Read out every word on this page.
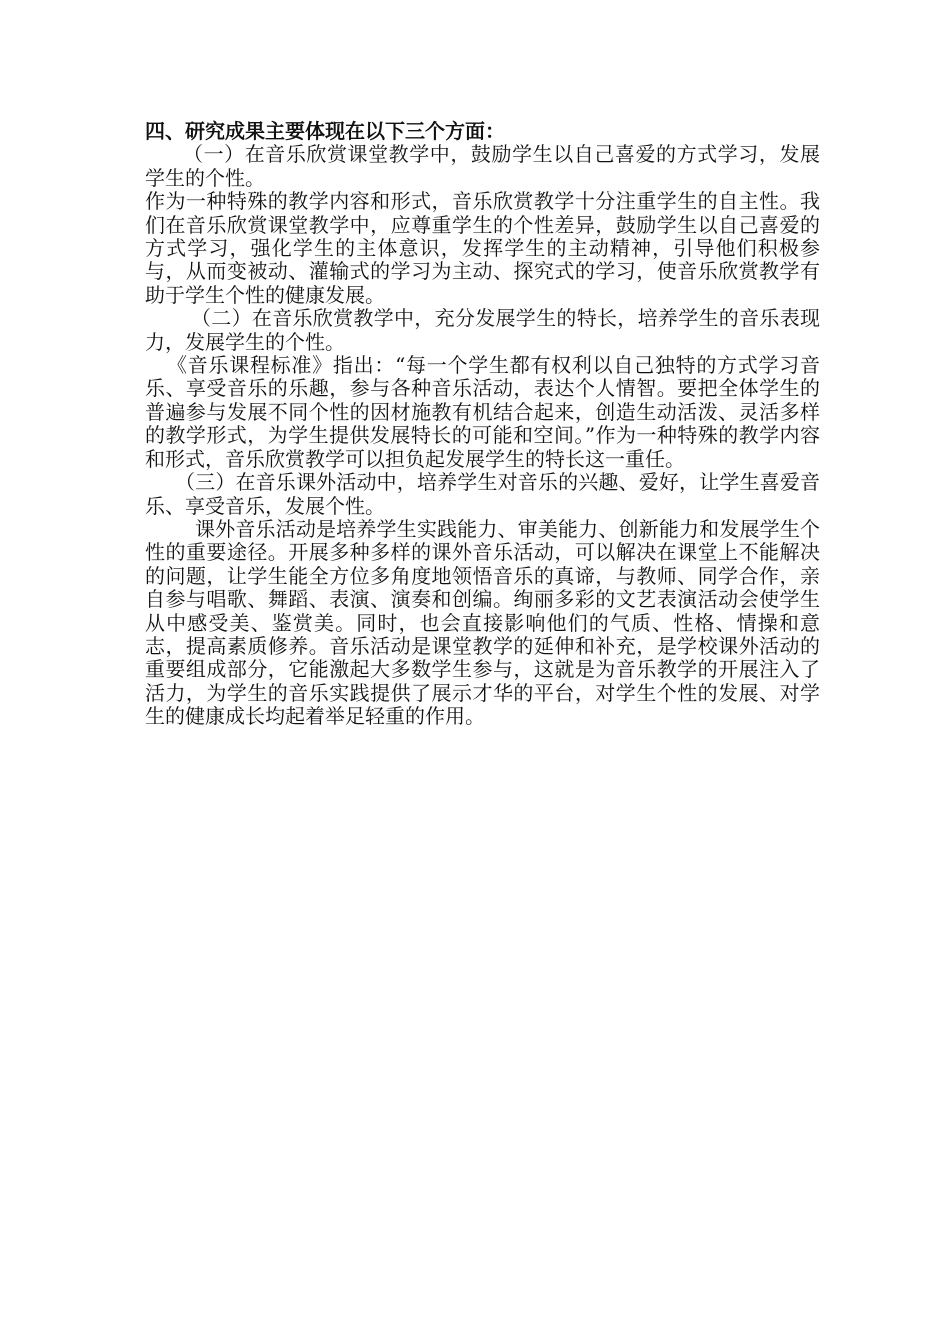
四、研究成果主要体现在以下三个方面：

（一）在音乐欣赏课堂教学中，鼓励学生以自己喜爱的方式学习，发展学生的个性。

作为一种特殊的教学内容和形式，音乐欣赏教学十分注重学生的自主性。我们在音乐欣赏课堂教学中，应尊重学生的个性差异，鼓励学生以自己喜爱的方式学习，强化学生的主体意识，发挥学生的主动精神，引导他们积极参与，从而变被动、灌输式的学习为主动、探究式的学习，使音乐欣赏教学有助于学生个性的健康发展。

（二）在音乐欣赏教学中，充分发展学生的特长，培养学生的音乐表现力，发展学生的个性。

《音乐课程标准》指出：“每一个学生都有权利以自己独特的方式学习音乐、享受音乐的乐趣，参与各种音乐活动，表达个人情智。要把全体学生的普遍参与发展不同个性的因材施教有机结合起来，创造生动活泼、灵活多样的教学形式，为学生提供发展特长的可能和空间。”作为一种特殊的教学内容和形式，音乐欣赏教学可以担负起发展学生的特长这一重任。

（三）在音乐课外活动中，培养学生对音乐的兴趣、爱好，让学生喜爱音乐、享受音乐，发展个性。

课外音乐活动是培养学生实践能力、审美能力、创新能力和发展学生个性的重要途径。开展多种多样的课外音乐活动，可以解决在课堂上不能解决的问题，让学生能全方位多角度地领悟音乐的真谛，与教师、同学合作，亲自参与唱歌、舞蹈、表演、演奏和创编。绚丽多彩的文艺表演活动会使学生从中感受美、鉴赏美。同时，也会直接影响他们的气质、性格、情操和意志，提高素质修养。音乐活动是课堂教学的延伸和补充，是学校课外活动的重要组成部分，它能激起大多数学生参与，这就是为音乐教学的开展注入了活力，为学生的音乐实践提供了展示才华的平台，对学生个性的发展、对学生的健康成长均起着举足轻重的作用。
